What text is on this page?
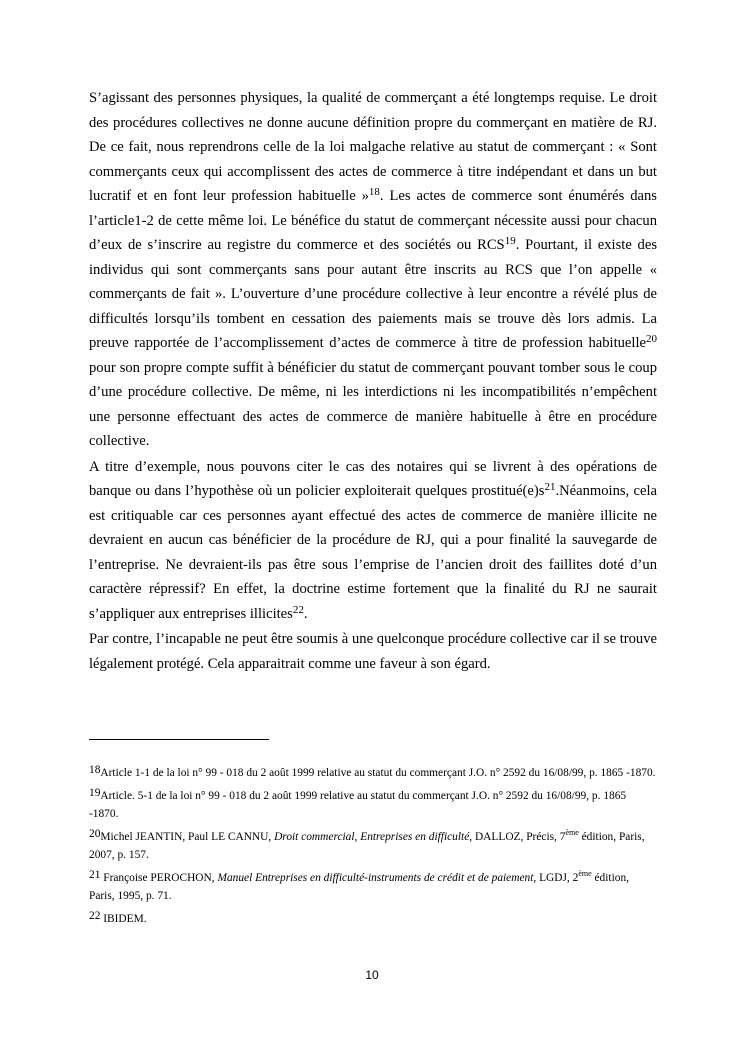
S’agissant des personnes physiques, la qualité de commerçant a été longtemps requise. Le droit des procédures collectives ne donne aucune définition propre du commerçant en matière de RJ. De ce fait, nous reprendrons celle de la loi malgache relative au statut de commerçant : « Sont commerçants ceux qui accomplissent des actes de commerce à titre indépendant et dans un but lucratif et en font leur profession habituelle »$^{18}$. Les actes de commerce sont énumérés dans l’article1-2 de cette même loi. Le bénéfice du statut de commerçant nécessite aussi pour chacun d’eux de s’inscrire au registre du commerce et des sociétés ou RCS$^{19}$. Pourtant, il existe des individus qui sont commerçants sans pour autant être inscrits au RCS que l’on appelle « commerçants de fait ». L’ouverture d’une procédure collective à leur encontre a révélé plus de difficultés lorsqu’ils tombent en cessation des paiements mais se trouve dès lors admis. La preuve rapportée de l’accomplissement d’actes de commerce à titre de profession habituelle$^{20}$ pour son propre compte suffit à bénéficier du statut de commerçant pouvant tomber sous le coup d’une procédure collective. De même, ni les interdictions ni les incompatibilités n’empêchent une personne effectuant des actes de commerce de manière habituelle à être en procédure collective.

A titre d’exemple, nous pouvons citer le cas des notaires qui se livrent à des opérations de banque ou dans l’hypothèse où un policier exploiterait quelques $prostitué(e)s^{21}.Néanmoins$, cela est critiquable car ces personnes ayant effectué des actes de commerce de manière illicite ne devraient en aucun cas bénéficier de la procédure de RJ, qui a pour finalité la sauvegarde de l’entreprise. Ne devraient-ils pas être sous l’emprise de l’ancien droit des faillites doté d’un caractère répressif? En effet, la doctrine estime fortement que la finalité du RJ ne saurait s’appliquer aux entreprises illicites$^{22}$.

Par contre, l’incapable ne peut être soumis à une quelconque procédure collective car il se trouve légalement protégé. Cela apparaitrait comme une faveur à son égard.

$^{18}$Article 1-1 de la loi n° 99 - 018 du 2 août 1999 relative au statut du commerçant J.O. n° 2592 du 16/08/99, p. 1865 -1870.
$^{19}$Article. 5-1 de la loi n° 99 - 018 du 2 août 1999 relative au statut du commerçant J.O. n° 2592 du 16/08/99, p. 1865 -1870.
$^{20}$Michel JEANTIN, Paul LE CANNU, Droit commercial, Entreprises en difficulté, DALLOZ, Précis, 7ème édition, Paris, 2007, p. 157.
$^{21}$ Françoise PEROCHON, Manuel Entreprises en difficulté-instruments de crédit et de paiement, LGDJ, 2ème édition, Paris, 1995, p. 71.
$^{22}$ IBIDEM.
10
